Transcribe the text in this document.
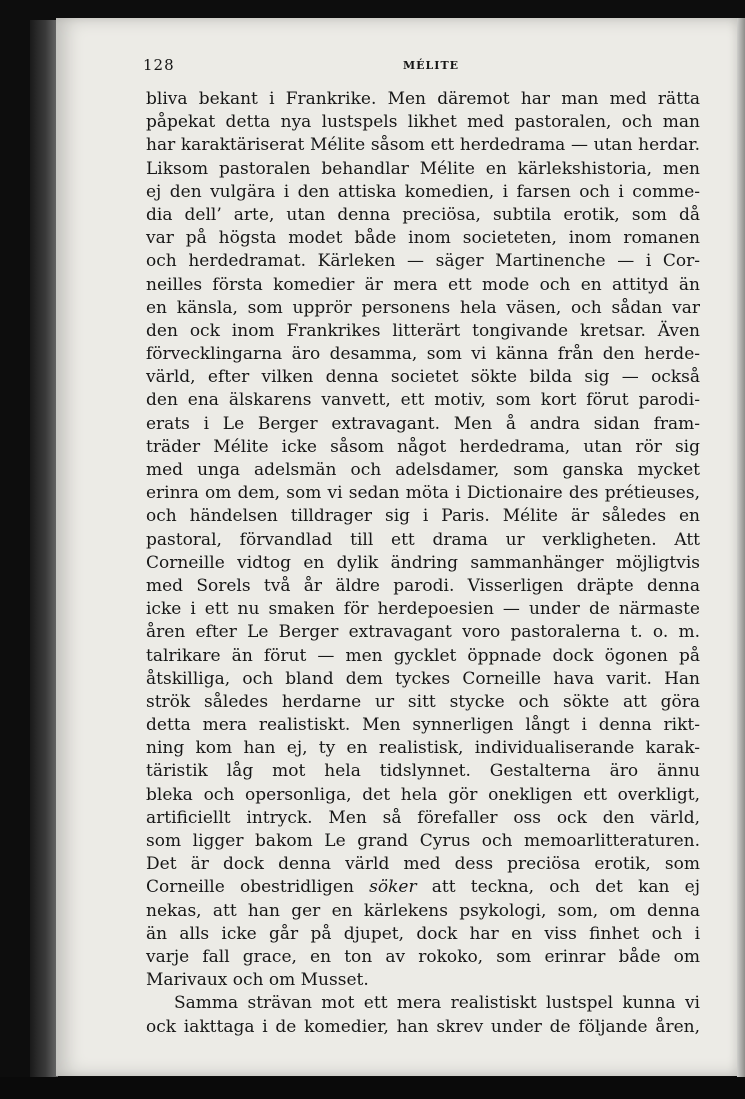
128	MÉLITE
bliva bekant i Frankrike. Men däremot har man med rätta
påpekat detta nya lustspels likhet med pastoralen, och man
har karaktäriserat Mélite såsom ett herdedrama — utan herdar.
Liksom pastoralen behandlar Mélite en kärlekshistoria, men
ej den vulgära i den attiska komedien, i farsen och i comme-
dia dell’ arte, utan denna preciösa, subtila erotik, som då
var på högsta modet både inom societeten, inom romanen
och herdedramat. Kärleken — säger Martinenche — i Cor-
neilles första komedier är mera ett mode och en attityd än
en känsla, som upprör personens hela väsen, och sådan var
den ock inom Frankrikes litterärt tongivande kretsar. Även
förvecklingarna äro desamma, som vi känna från den herde-
värld, efter vilken denna societet sökte bilda sig — också
den ena älskarens vanvett, ett motiv, som kort förut parodi-
erats i Le Berger extravagant. Men å andra sidan fram-
träder Mélite icke såsom något herdedrama, utan rör sig
med unga adelsmän och adelsdamer, som ganska mycket
erinra om dem, som vi sedan möta i Dictionaire des prétieuses,
och händelsen tilldrager sig i Paris. Mélite är således en
pastoral, förvandlad till ett drama ur verkligheten. Att
Corneille vidtog en dylik ändring sammanhänger möjligtvis
med Sorels två år äldre parodi. Visserligen dräpte denna
icke i ett nu smaken för herdepoesien — under de närmaste
åren efter Le Berger extravagant voro pastoralerna t. o. m.
talrikare än förut — men gycklet öppnade dock ögonen på
åtskilliga, och bland dem tyckes Corneille hava varit. Han
strök således herdarne ur sitt stycke och sökte att göra
detta mera realistiskt. Men synnerligen långt i denna rikt-
ning kom han ej, ty en realistisk, individualiserande karak-
täristik låg mot hela tidslynnet. Gestalterna äro ännu
bleka och opersonliga, det hela gör onekligen ett overkligt,
artificiellt intryck. Men så förefaller oss ock den värld,
som ligger bakom Le grand Cyrus och memoarlitteraturen.
Det är dock denna värld med dess preciösa erotik, som
Corneille obestridligen söker att teckna, och det kan ej
nekas, att han ger en kärlekens psykologi, som, om denna
än alls icke går på djupet, dock har en viss finhet och i
varje fall grace, en ton av rokoko, som erinrar både om
Marivaux och om Musset.
Samma strävan mot ett mera realistiskt lustspel kunna vi
ock iakttaga i de komedier, han skrev under de följande åren,
